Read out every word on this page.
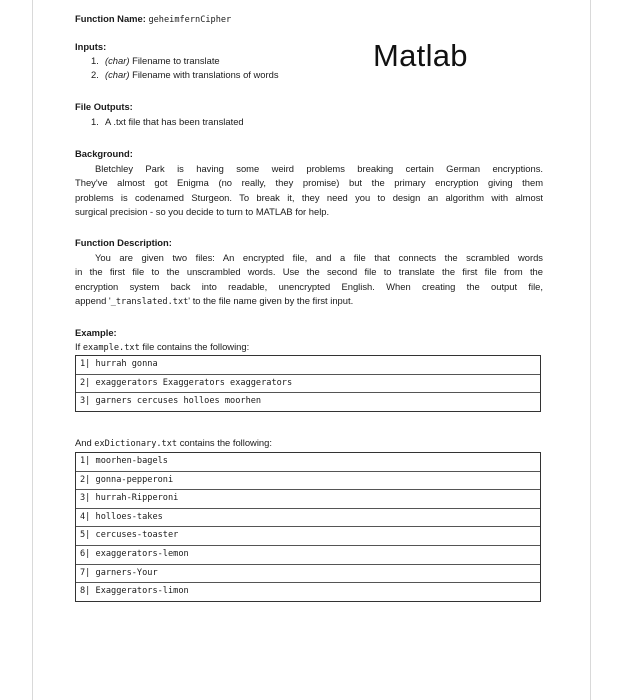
Function Name: geheimfernCipher
Matlab
Inputs:
1. (char) Filename to translate
2. (char) Filename with translations of words
File Outputs:
1. A .txt file that has been translated
Background:
Bletchley Park is having some weird problems breaking certain German encryptions.
They've almost got Enigma (no really, they promise) but the primary encryption giving them
problems is codenamed Sturgeon. To break it, they need you to design an algorithm with almost
surgical precision - so you decide to turn to MATLAB for help.
Function Description:
You are given two files: An encrypted file, and a file that connects the scrambled words
in the first file to the unscrambled words. Use the second file to translate the first file from the
encryption system back into readable, unencrypted English. When creating the output file,
append '_translated.txt' to the file name given by the first input.
Example:
If example.txt file contains the following:
1| hurrah gonna
2| exaggerators Exaggerators exaggerators
3| garners cercuses holloes moorhen
And exDictionary.txt contains the following:
1| moorhen-bagels
2| gonna-pepperoni
3| hurrah-Ripperoni
4| holloes-takes
5| cercuses-toaster
6| exaggerators-lemon
7| garners-Your
8| Exaggerators-limon
